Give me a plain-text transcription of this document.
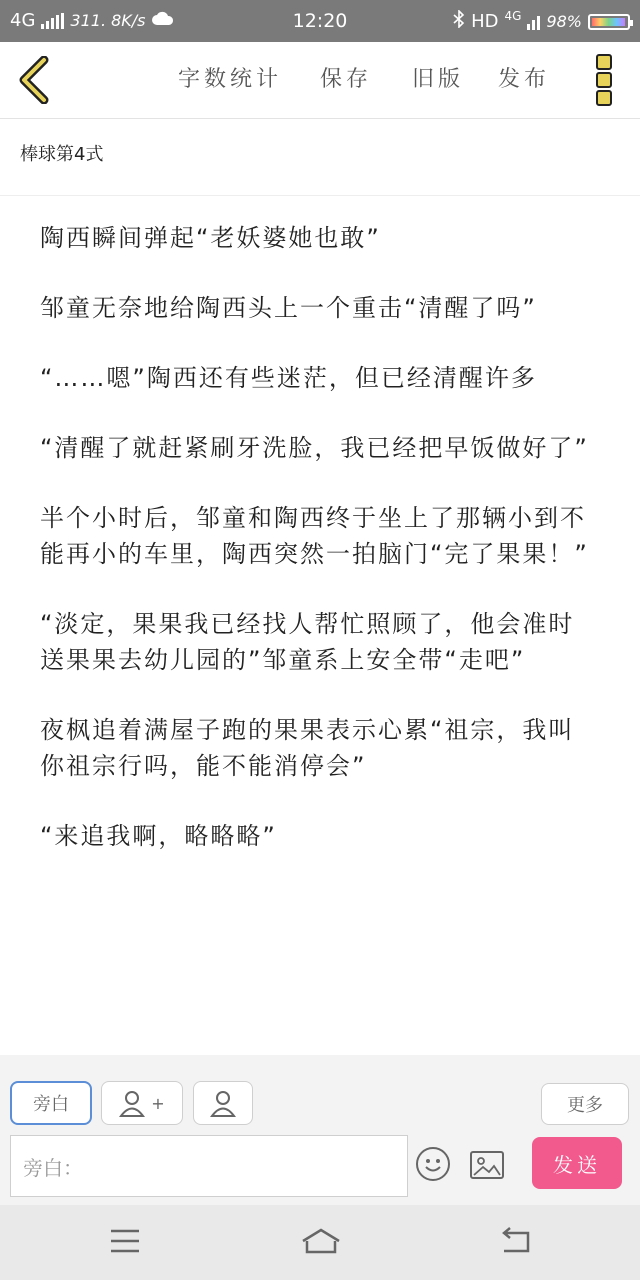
4G 311. 8K/s	12:20	HD 4G 98%
字数统计 保存 旧版 发布
棒球第4式

陶西瞬间弹起“老妖婆她也敢”

邹童无奈地给陶西头上一个重击“清醒了吗”

“……嗯”陶西还有些迷茫，但已经清醒许多

“清醒了就赶紧刷牙洗脸，我已经把早饭做好了”

半个小时后，邹童和陶西终于坐上了那辆小到不能再小的车里，陶西突然一拍脑门“完了果果！”

“淡定，果果我已经找人帮忙照顾了，他会准时送果果去幼儿园的”邹童系上安全带“走吧”

夜枫追着满屋子跑的果果表示心累“祖宗，我叫你祖宗行吗，能不能消停会”

“来追我啊，略略略”

旁白	+	更多
旁白：	发送
